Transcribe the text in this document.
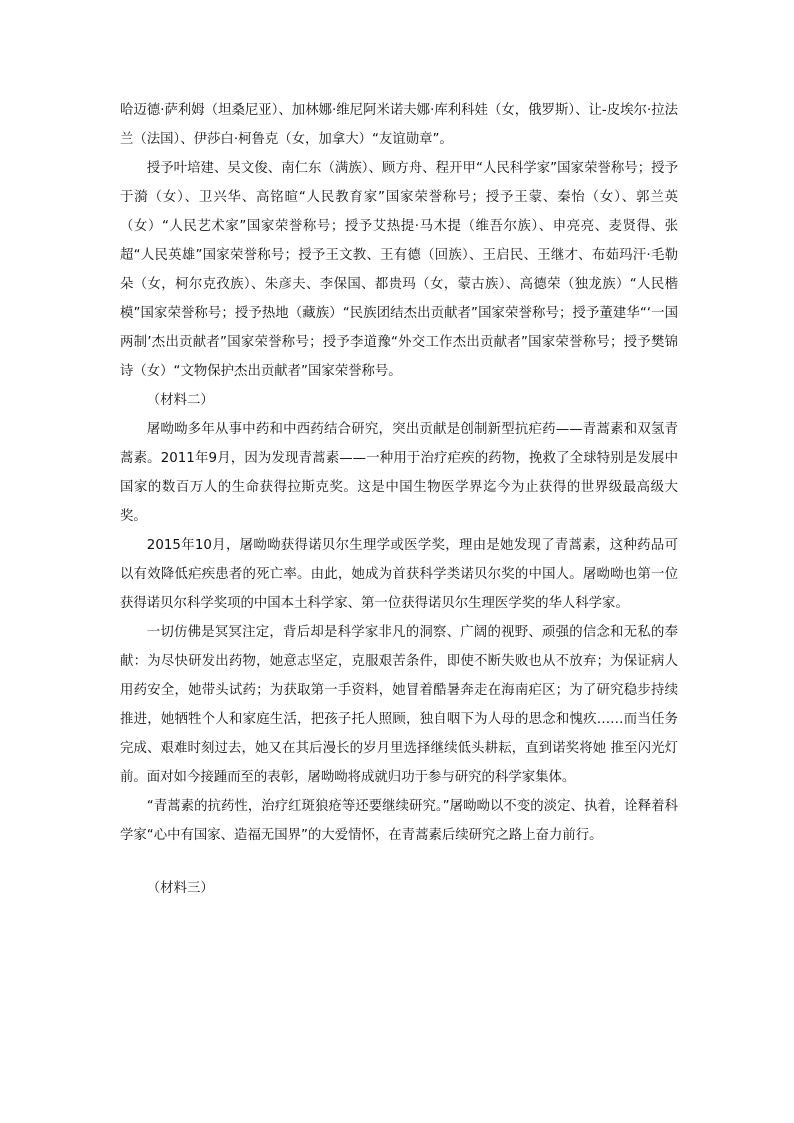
哈迈德·萨利姆（坦桑尼亚）、加林娜·维尼阿米诺夫娜·库利科娃（女，俄罗斯）、让-皮埃尔·拉法兰（法国）、伊莎白·柯鲁克（女，加拿大）“友谊勋章”。

授予叶培建、吴文俊、南仁东（满族）、顾方舟、程开甲“人民科学家”国家荣誉称号；授予于漪（女）、卫兴华、高铭暄“人民教育家”国家荣誉称号；授予王蒙、秦怡（女）、郭兰英（女）“人民艺术家”国家荣誉称号；授予艾热提·马木提（维吾尔族）、申亮亮、麦贤得、张超“人民英雄”国家荣誉称号；授予王文教、王有德（回族）、王启民、王继才、布茹玛汗·毛勒朵（女，柯尔克孜族）、朱彦夫、李保国、都贵玛（女，蒙古族）、高德荣（独龙族）“人民楷模”国家荣誉称号；授予热地（藏族）“民族团结杰出贡献者”国家荣誉称号；授予董建华“‘一国两制’杰出贡献者”国家荣誉称号；授予李道豫“外交工作杰出贡献者”国家荣誉称号；授予樊锦诗（女）“文物保护杰出贡献者”国家荣誉称号。

（材料二）

屠呦呦多年从事中药和中西药结合研究，突出贡献是创制新型抗疟药——青蒿素和双氢青蒿素。2011年9月，因为发现青蒿素——一种用于治疗疟疾的药物，挽救了全球特别是发展中国家的数百万人的生命获得拉斯克奖。这是中国生物医学界迄今为止获得的世界级最高级大奖。

2015年10月，屠呦呦获得诺贝尔生理学或医学奖，理由是她发现了青蒿素，这种药品可以有效降低疟疾患者的死亡率。由此，她成为首获科学类诺贝尔奖的中国人。屠呦呦也第一位获得诺贝尔科学奖项的中国本土科学家、第一位获得诺贝尔生理医学奖的华人科学家。

一切仿佛是冥冥注定，背后却是科学家非凡的洞察、广阔的视野、顽强的信念和无私的奉献：为尽快研发出药物，她意志坚定，克服艰苦条件，即使不断失败也从不放弃；为保证病人用药安全，她带头试药；为获取第一手资料，她冒着酷暑奔走在海南疟区；为了研究稳步持续推进，她牺牲个人和家庭生活，把孩子托人照顾，独自咽下为人母的思念和愧疚……而当任务完成、艰难时刻过去，她又在其后漫长的岁月里选择继续低头耕耘，直到诺奖将她 推至闪光灯前。面对如今接踵而至的表彰，屠呦呦将成就归功于参与研究的科学家集体。

“青蒿素的抗药性，治疗红斑狼疮等还要继续研究。”屠呦呦以不变的淡定、执着，诠释着科学家“心中有国家、造福无国界”的大爱情怀，在青蒿素后续研究之路上奋力前行。

（材料三）
